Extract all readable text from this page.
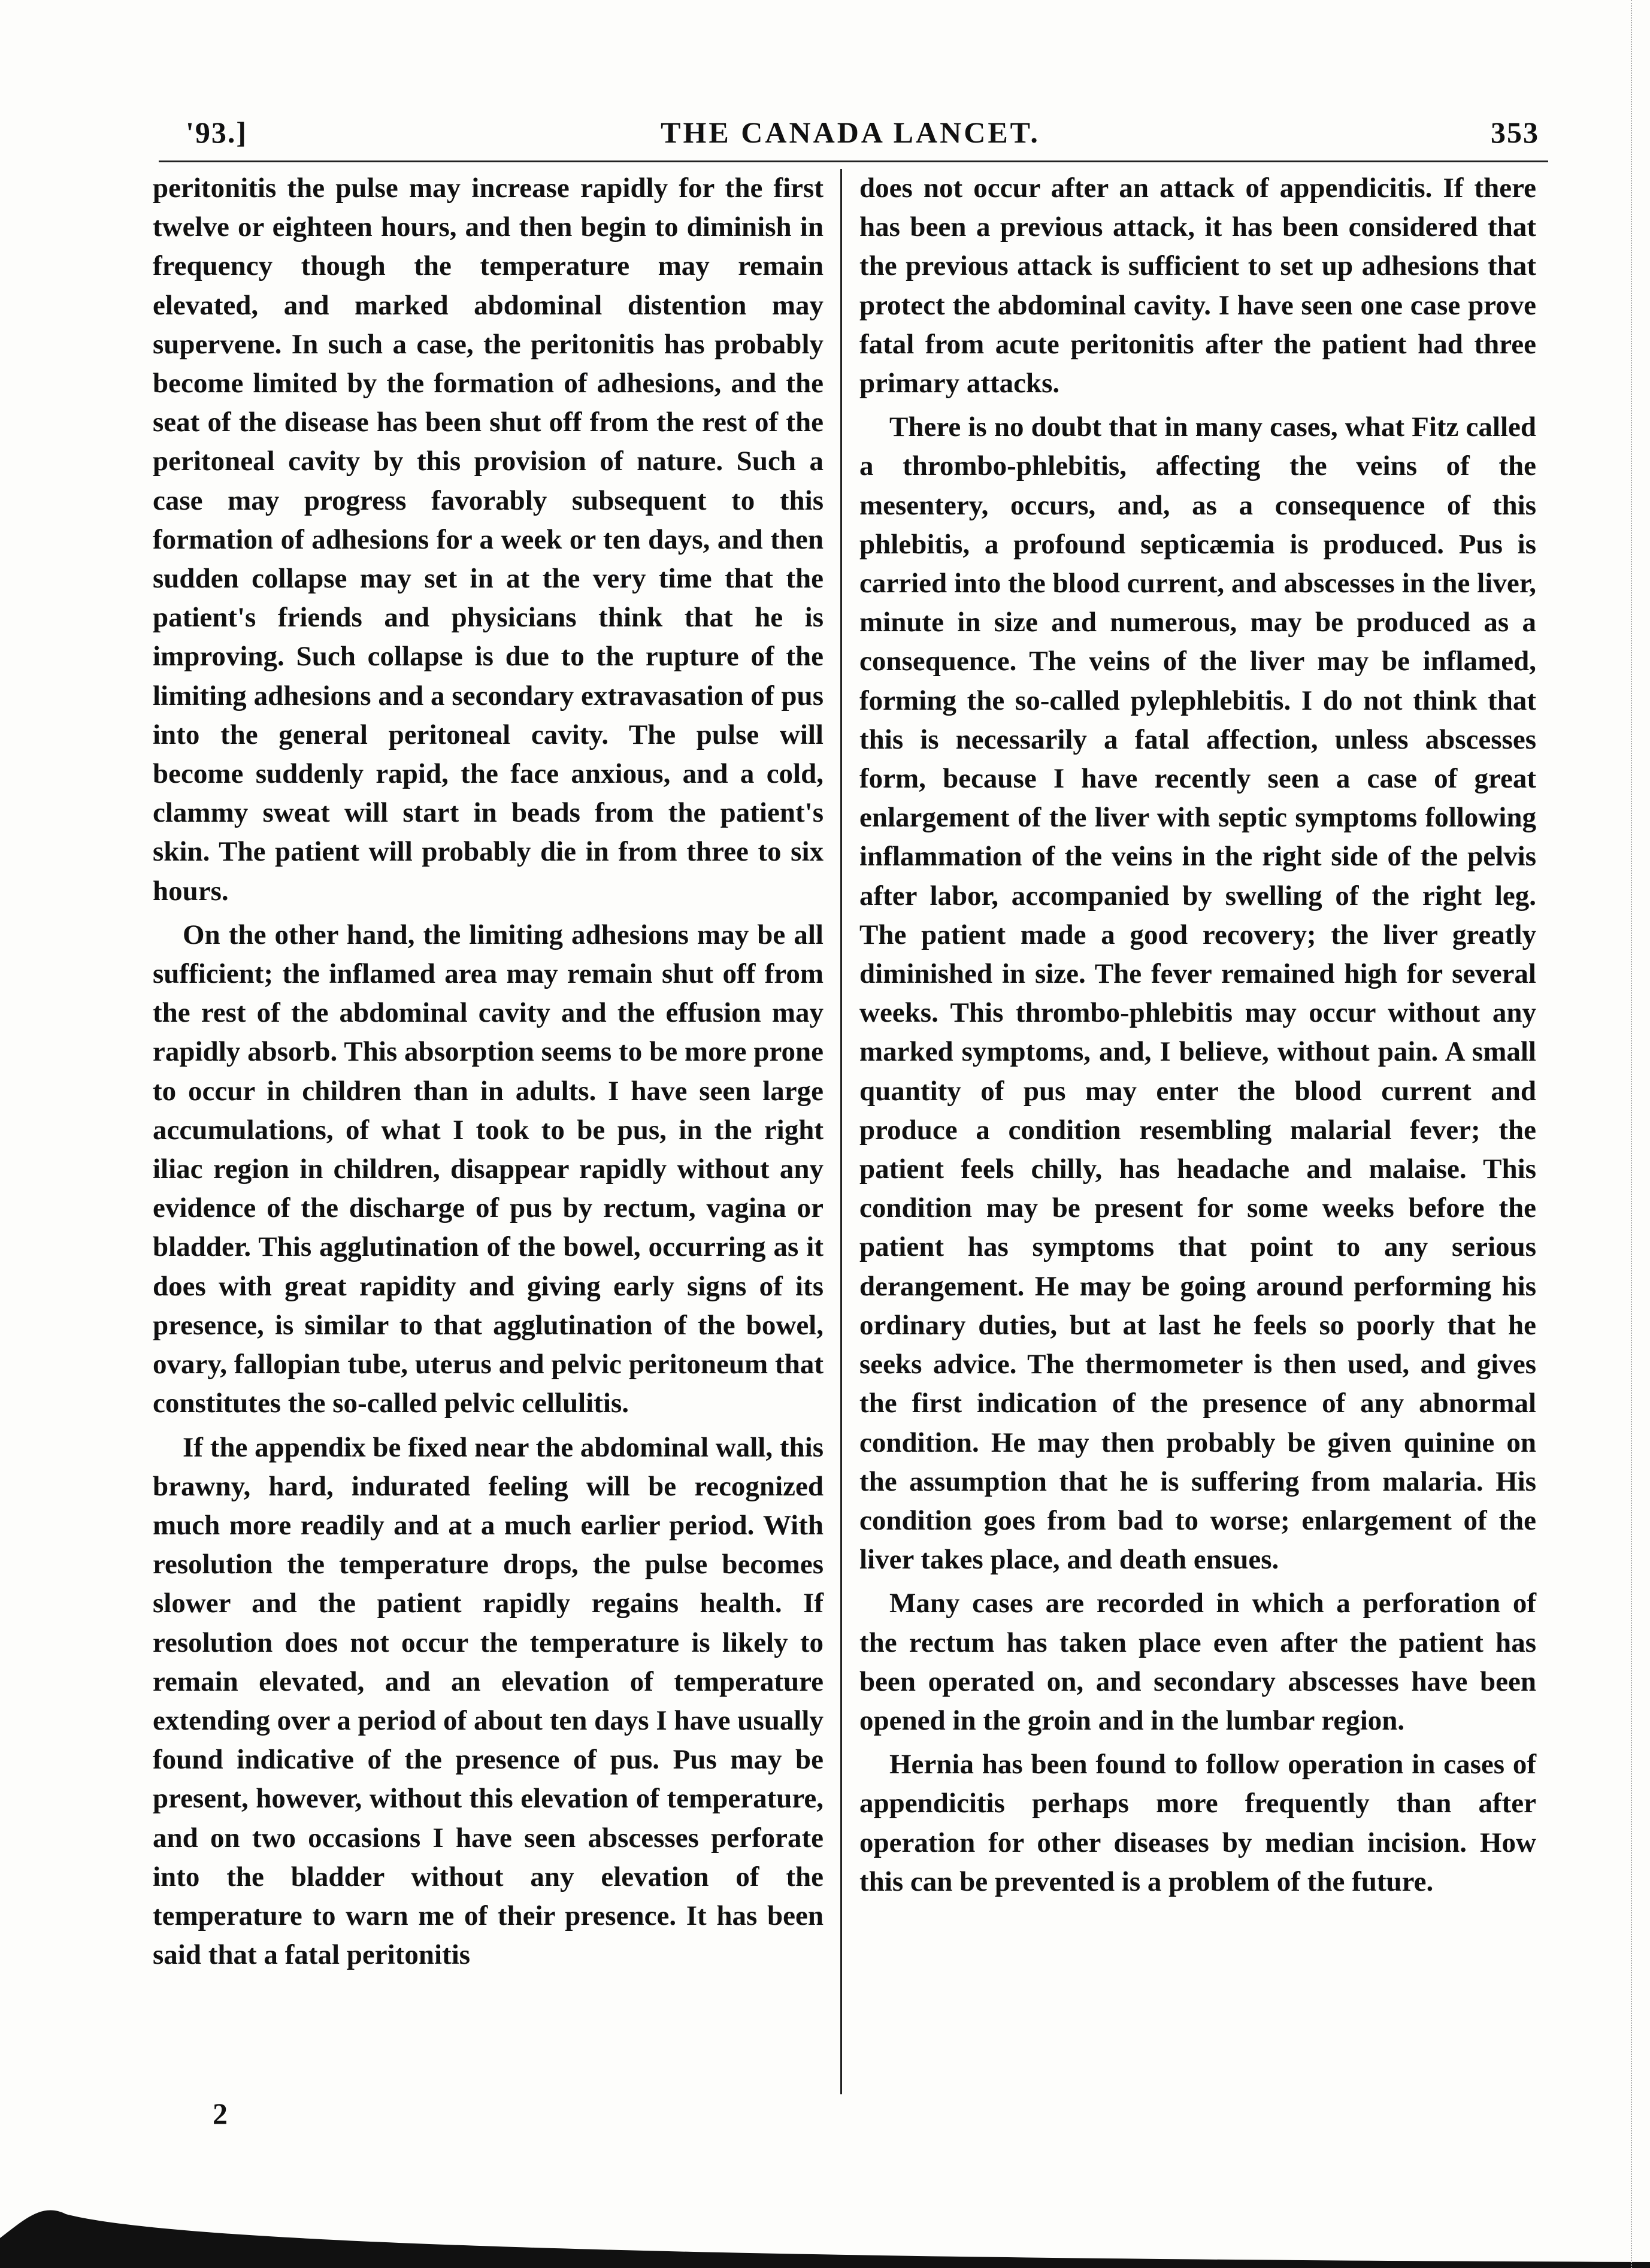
'93.]	THE CANADA LANCET.	353

peritonitis the pulse may increase rapidly for the first twelve or eighteen hours, and then begin to diminish in frequency though the temperature may remain elevated, and marked abdominal distention may supervene. In such a case, the peritonitis has probably become limited by the formation of adhesions, and the seat of the disease has been shut off from the rest of the peritoneal cavity by this provision of nature. Such a case may progress favorably subsequent to this formation of adhesions for a week or ten days, and then sudden collapse may set in at the very time that the patient's friends and physicians think that he is improving. Such collapse is due to the rupture of the limiting adhesions and a secondary extravasation of pus into the general peritoneal cavity. The pulse will become suddenly rapid, the face anxious, and a cold, clammy sweat will start in beads from the patient's skin. The patient will probably die in from three to six hours.

On the other hand, the limiting adhesions may be all sufficient; the inflamed area may remain shut off from the rest of the abdominal cavity and the effusion may rapidly absorb. This absorption seems to be more prone to occur in children than in adults. I have seen large accumulations, of what I took to be pus, in the right iliac region in children, disappear rapidly without any evidence of the discharge of pus by rectum, vagina or bladder. This agglutination of the bowel, occurring as it does with great rapidity and giving early signs of its presence, is similar to that agglutination of the bowel, ovary, fallopian tube, uterus and pelvic peritoneum that constitutes the so-called pelvic cellulitis.

If the appendix be fixed near the abdominal wall, this brawny, hard, indurated feeling will be recognized much more readily and at a much earlier period. With resolution the temperature drops, the pulse becomes slower and the patient rapidly regains health. If resolution does not occur the temperature is likely to remain elevated, and an elevation of temperature extending over a period of about ten days I have usually found indicative of the presence of pus. Pus may be present, however, without this elevation of temperature, and on two occasions I have seen abscesses perforate into the bladder without any elevation of the temperature to warn me of their presence. It has been said that a fatal peritonitis

does not occur after an attack of appendicitis. If there has been a previous attack, it has been considered that the previous attack is sufficient to set up adhesions that protect the abdominal cavity. I have seen one case prove fatal from acute peritonitis after the patient had three primary attacks.

There is no doubt that in many cases, what Fitz called a thrombo-phlebitis, affecting the veins of the mesentery, occurs, and, as a consequence of this phlebitis, a profound septicæmia is produced. Pus is carried into the blood current, and abscesses in the liver, minute in size and numerous, may be produced as a consequence. The veins of the liver may be inflamed, forming the so-called pylephlebitis. I do not think that this is necessarily a fatal affection, unless abscesses form, because I have recently seen a case of great enlargement of the liver with septic symptoms following inflammation of the veins in the right side of the pelvis after labor, accompanied by swelling of the right leg. The patient made a good recovery; the liver greatly diminished in size. The fever remained high for several weeks. This thrombo-phlebitis may occur without any marked symptoms, and, I believe, without pain. A small quantity of pus may enter the blood current and produce a condition resembling malarial fever; the patient feels chilly, has headache and malaise. This condition may be present for some weeks before the patient has symptoms that point to any serious derangement. He may be going around performing his ordinary duties, but at last he feels so poorly that he seeks advice. The thermometer is then used, and gives the first indication of the presence of any abnormal condition. He may then probably be given quinine on the assumption that he is suffering from malaria. His condition goes from bad to worse; enlargement of the liver takes place, and death ensues.

Many cases are recorded in which a perforation of the rectum has taken place even after the patient has been operated on, and secondary abscesses have been opened in the groin and in the lumbar region.

Hernia has been found to follow operation in cases of appendicitis perhaps more frequently than after operation for other diseases by median incision. How this can be prevented is a problem of the future.

2
